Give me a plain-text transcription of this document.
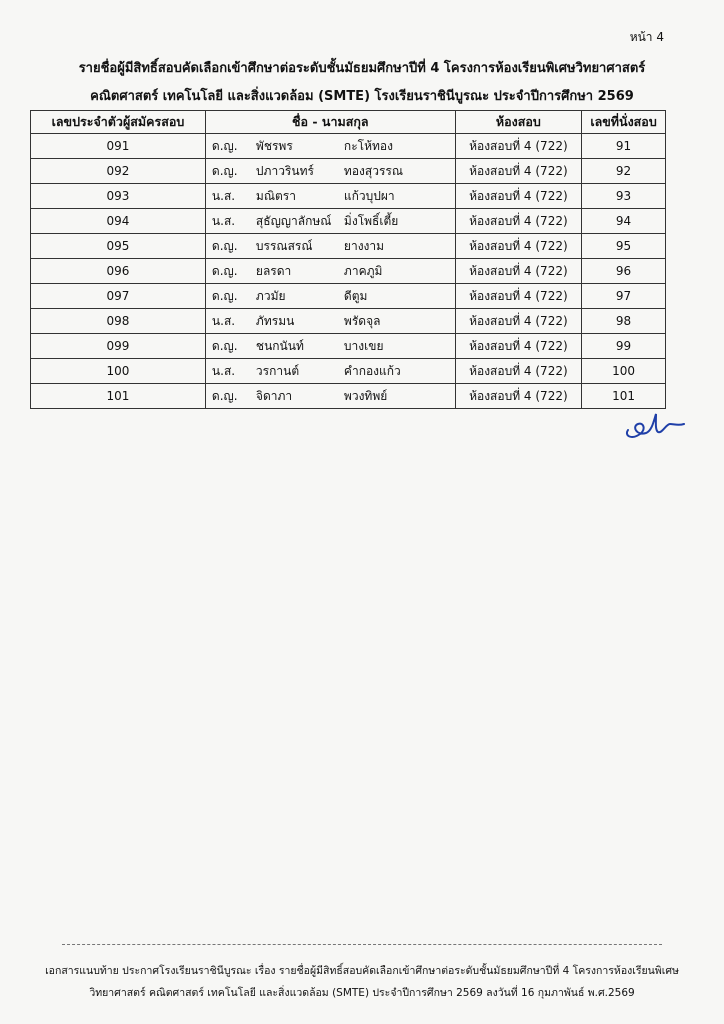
หน้า 4
รายชื่อผู้มีสิทธิ์สอบคัดเลือกเข้าศึกษาต่อระดับชั้นมัธยมศึกษาปีที่ 4 โครงการห้องเรียนพิเศษวิทยาศาสตร์
คณิตศาสตร์ เทคโนโลยี และสิ่งแวดล้อม (SMTE) โรงเรียนราชินีบูรณะ ประจำปีการศึกษา 2569
เลขประจำตัวผู้สมัครสอบ	ชื่อ - นามสกุล	ห้องสอบ	เลขที่นั่งสอบ
091	ด.ญ. พัชรพร กะโห้ทอง	ห้องสอบที่ 4 (722)	91
092	ด.ญ. ปภาวรินทร์ ทองสุวรรณ	ห้องสอบที่ 4 (722)	92
093	น.ส. มณิตรา แก้วบุปผา	ห้องสอบที่ 4 (722)	93
094	น.ส. สุธัญญาลักษณ์ มิ่งโพธิ์เตี้ย	ห้องสอบที่ 4 (722)	94
095	ด.ญ. บรรณสรณ์ ยางงาม	ห้องสอบที่ 4 (722)	95
096	ด.ญ. ยลรดา ภาคภูมิ	ห้องสอบที่ 4 (722)	96
097	ด.ญ. ภวมัย ดีตูม	ห้องสอบที่ 4 (722)	97
098	น.ส. ภัทรมน พรัดจุล	ห้องสอบที่ 4 (722)	98
099	ด.ญ. ชนกนันท์ บางเขย	ห้องสอบที่ 4 (722)	99
100	น.ส. วรกานต์ คำกองแก้ว	ห้องสอบที่ 4 (722)	100
101	ด.ญ. จิดาภา พวงทิพย์	ห้องสอบที่ 4 (722)	101
เอกสารแนบท้าย ประกาศโรงเรียนราชินีบูรณะ เรื่อง รายชื่อผู้มีสิทธิ์สอบคัดเลือกเข้าศึกษาต่อระดับชั้นมัธยมศึกษาปีที่ 4 โครงการห้องเรียนพิเศษ
วิทยาศาสตร์ คณิตศาสตร์ เทคโนโลยี และสิ่งแวดล้อม (SMTE) ประจำปีการศึกษา 2569 ลงวันที่ 16 กุมภาพันธ์ พ.ศ.2569
